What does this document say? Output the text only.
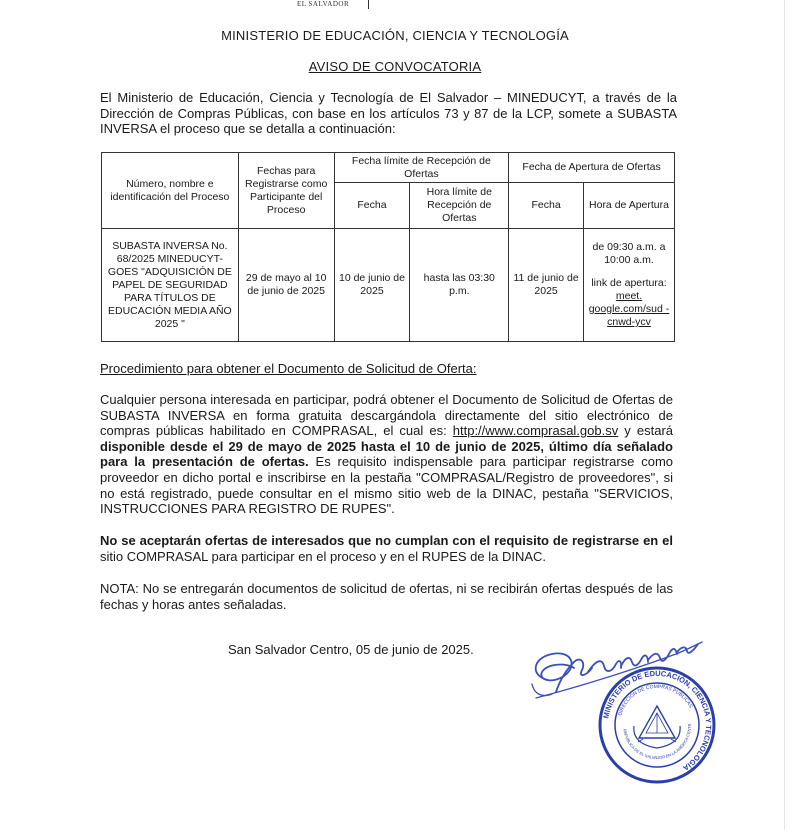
EL SALVADOR
MINISTERIO DE EDUCACIÓN, CIENCIA Y TECNOLOGÍA
AVISO DE CONVOCATORIA
El Ministerio de Educación, Ciencia y Tecnología de El Salvador – MINEDUCYT, a través de la Dirección de Compras Públicas, con base en los artículos 73 y 87 de la LCP, somete a SUBASTA INVERSA el proceso que se detalla a continuación:
Número, nombre e identificación del Proceso	Fechas para Registrarse como Participante del Proceso	Fecha límite de Recepción de Ofertas		Fecha de Apertura de Ofertas	
		Fecha	Hora límite de Recepción de Ofertas	Fecha	Hora de Apertura
SUBASTA INVERSA No. 68/2025 MINEDUCYT-GOES "ADQUISICIÓN DE PAPEL DE SEGURIDAD PARA TÍTULOS DE EDUCACIÓN MEDIA AÑO 2025 "	29 de mayo al 10 de junio de 2025	10 de junio de 2025	hasta las 03:30 p.m.	11 de junio de 2025	de 09:30 a.m. a 10:00 a.m.
link de apertura:
meet. google.com/sud -cnwd-ycv
Procedimiento para obtener el Documento de Solicitud de Oferta:
Cualquier persona interesada en participar, podrá obtener el Documento de Solicitud de Ofertas de SUBASTA INVERSA en forma gratuita descargándola directamente del sitio electrónico de compras públicas habilitado en COMPRASAL, el cual es: http://www.comprasal.gob.sv y estará disponible desde el 29 de mayo de 2025 hasta el 10 de junio de 2025, último día señalado para la presentación de ofertas. Es requisito indispensable para participar registrarse como proveedor en dicho portal e inscribirse en la pestaña "COMPRASAL/Registro de proveedores", si no está registrado, puede consultar en el mismo sitio web de la DINAC, pestaña "SERVICIOS, INSTRUCCIONES PARA REGISTRO DE RUPES".
No se aceptarán ofertas de interesados que no cumplan con el requisito de registrarse en el sitio COMPRASAL para participar en el proceso y en el RUPES de la DINAC.
NOTA: No se entregarán documentos de solicitud de ofertas, ni se recibirán ofertas después de las fechas y horas antes señaladas.
San Salvador Centro, 05 de junio de 2025.
MINISTERIO DE EDUCACIÓN, CIENCIA Y TECNOLOGÍA
DIRECCIÓN DE COMPRAS PÚBLICAS
REPÚBLICA DE EL SALVADOR EN LA AMÉRICA CENTR
